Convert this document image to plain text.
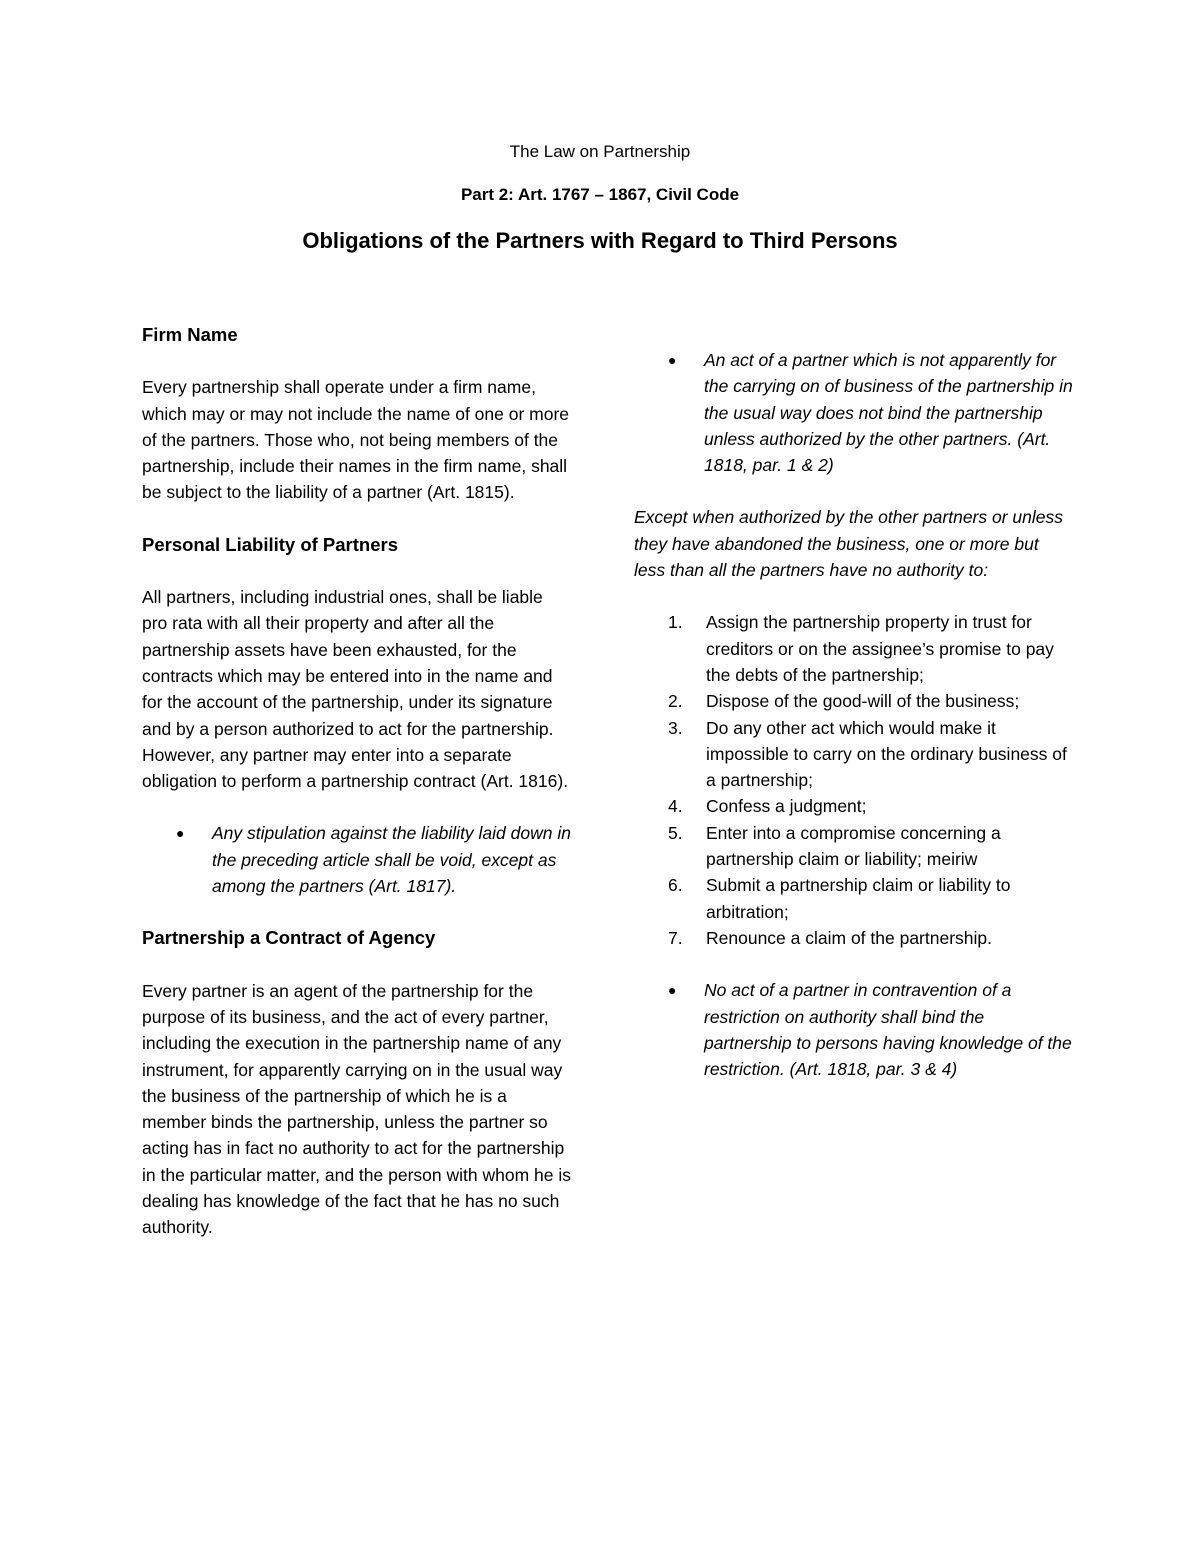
The Law on Partnership
Part 2: Art. 1767 – 1867, Civil Code
Obligations of the Partners with Regard to Third Persons
Firm Name
Every partnership shall operate under a firm name, which may or may not include the name of one or more of the partners. Those who, not being members of the partnership, include their names in the firm name, shall be subject to the liability of a partner (Art. 1815).
Personal Liability of Partners
All partners, including industrial ones, shall be liable pro rata with all their property and after all the partnership assets have been exhausted, for the contracts which may be entered into in the name and for the account of the partnership, under its signature and by a person authorized to act for the partnership. However, any partner may enter into a separate obligation to perform a partnership contract (Art. 1816).
● Any stipulation against the liability laid down in the preceding article shall be void, except as among the partners (Art. 1817).
Partnership a Contract of Agency
Every partner is an agent of the partnership for the purpose of its business, and the act of every partner, including the execution in the partnership name of any instrument, for apparently carrying on in the usual way the business of the partnership of which he is a member binds the partnership, unless the partner so acting has in fact no authority to act for the partnership in the particular matter, and the person with whom he is dealing has knowledge of the fact that he has no such authority.
● An act of a partner which is not apparently for the carrying on of business of the partnership in the usual way does not bind the partnership unless authorized by the other partners. (Art. 1818, par. 1 & 2)
Except when authorized by the other partners or unless they have abandoned the business, one or more but less than all the partners have no authority to:
1. Assign the partnership property in trust for creditors or on the assignee’s promise to pay the debts of the partnership;
2. Dispose of the good-will of the business;
3. Do any other act which would make it impossible to carry on the ordinary business of a partnership;
4. Confess a judgment;
5. Enter into a compromise concerning a partnership claim or liability; meiriw
6. Submit a partnership claim or liability to arbitration;
7. Renounce a claim of the partnership.
● No act of a partner in contravention of a restriction on authority shall bind the partnership to persons having knowledge of the restriction. (Art. 1818, par. 3 & 4)
